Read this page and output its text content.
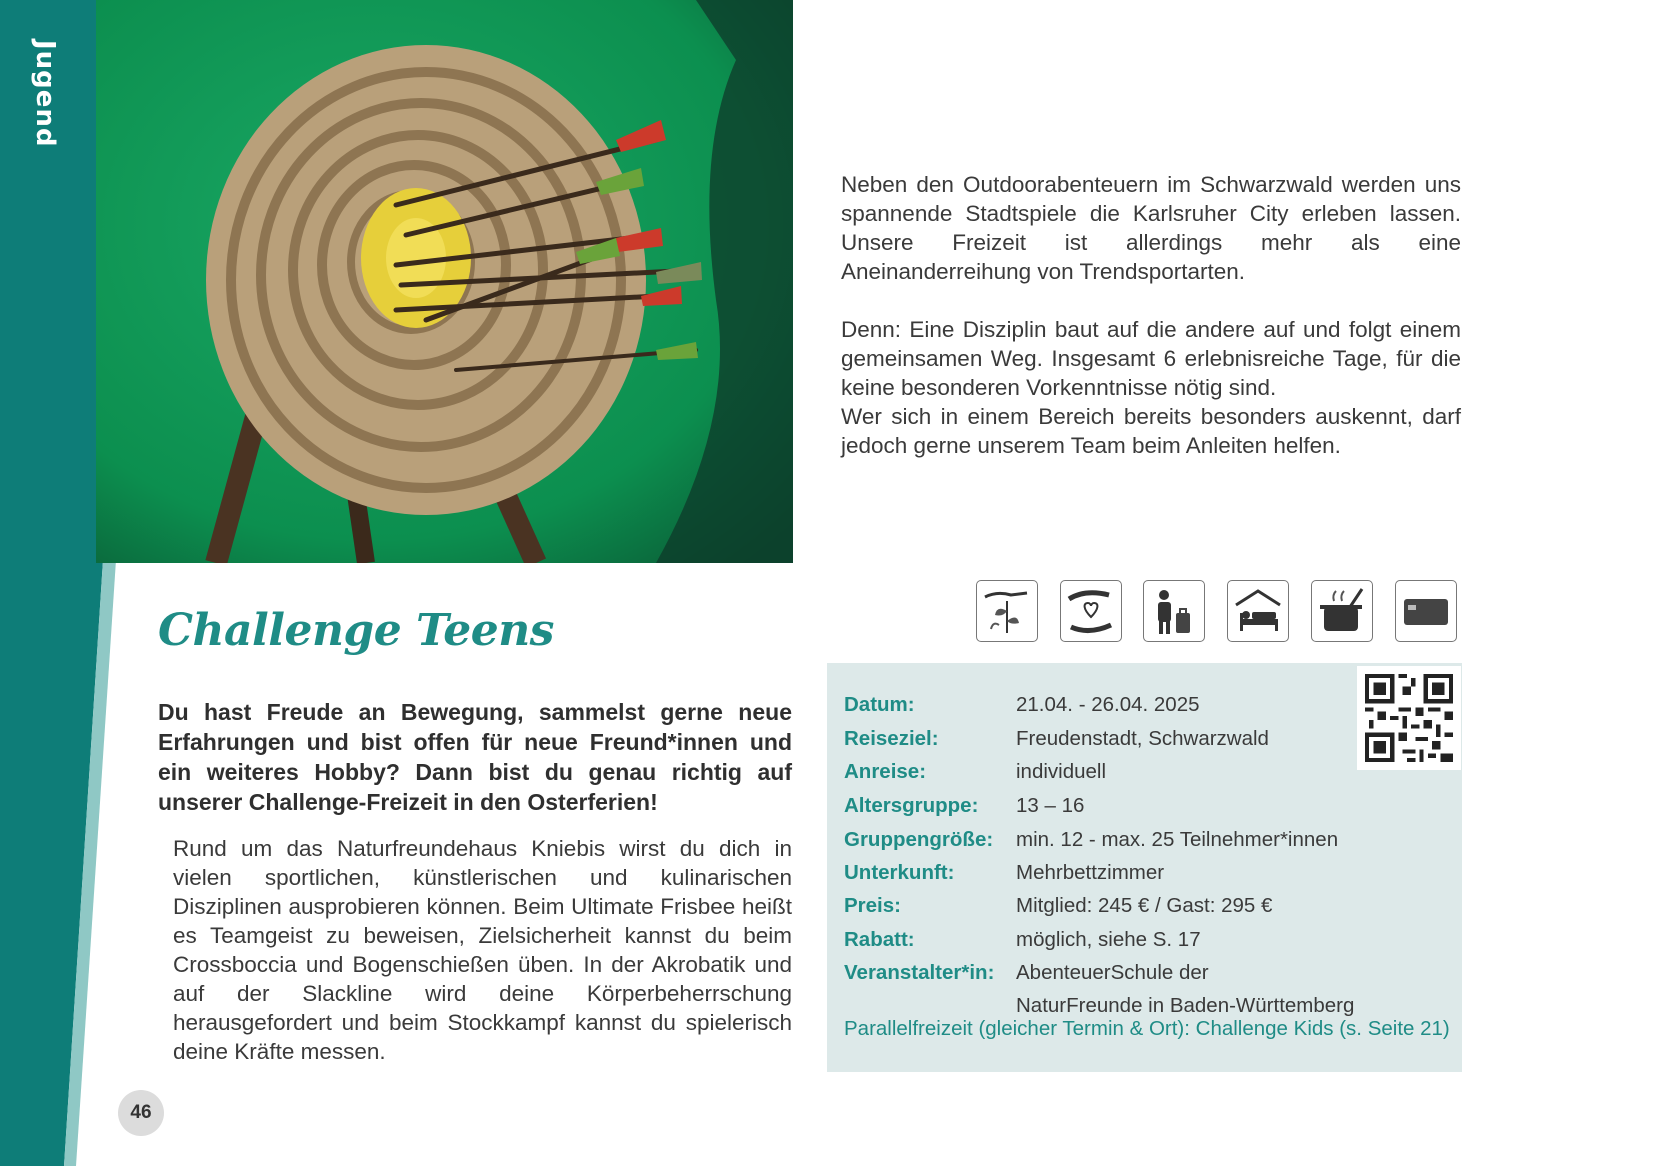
Jugend

Neben den Outdoorabenteuern im Schwarzwald werden uns spannende Stadtspiele die Karlsruher City erleben lassen. Unsere Freizeit ist allerdings mehr als eine Aneinanderreihung von Trendsportarten.

Denn: Eine Disziplin baut auf die andere auf und folgt einem gemeinsamen Weg. Insgesamt 6 erlebnisreiche Tage, für die keine besonderen Vorkenntnisse nötig sind.

Wer sich in einem Bereich bereits besonders auskennt, darf jedoch gerne unserem Team beim Anleiten helfen.

Challenge Teens
Du hast Freude an Bewegung, sammelst gerne neue Erfahrungen und bist offen für neue Freund*innen und ein weiteres Hobby? Dann bist du genau richtig auf unserer Challenge-Freizeit in den Osterferien!
Rund um das Naturfreundehaus Kniebis wirst du dich in vielen sportlichen, künstlerischen und kulinarischen Disziplinen ausprobieren können. Beim Ultimate Frisbee heißt es Teamgeist zu beweisen, Zielsicherheit kannst du beim Crossboccia und Bogenschießen üben. In der Akrobatik und auf der Slackline wird deine Körperbeherrschung herausgefordert und beim Stockkampf kannst du spielerisch deine Kräfte messen.
46
Datum:	21.04. - 26.04. 2025
Reiseziel:	Freudenstadt, Schwarzwald
Anreise:	individuell
Altersgruppe: 13 – 16
Gruppengröße: min. 12 - max. 25 Teilnehmer*innen
Unterkunft:	Mehrbettzimmer
Preis:	Mitglied: 245 € / Gast: 295 €
Rabatt:	möglich, siehe S. 17
Veranstalter*in: AbenteuerSchule der
NaturFreunde in Baden-Württemberg
Parallelfreizeit (gleicher Termin & Ort): Challenge Kids (s. Seite 21)
